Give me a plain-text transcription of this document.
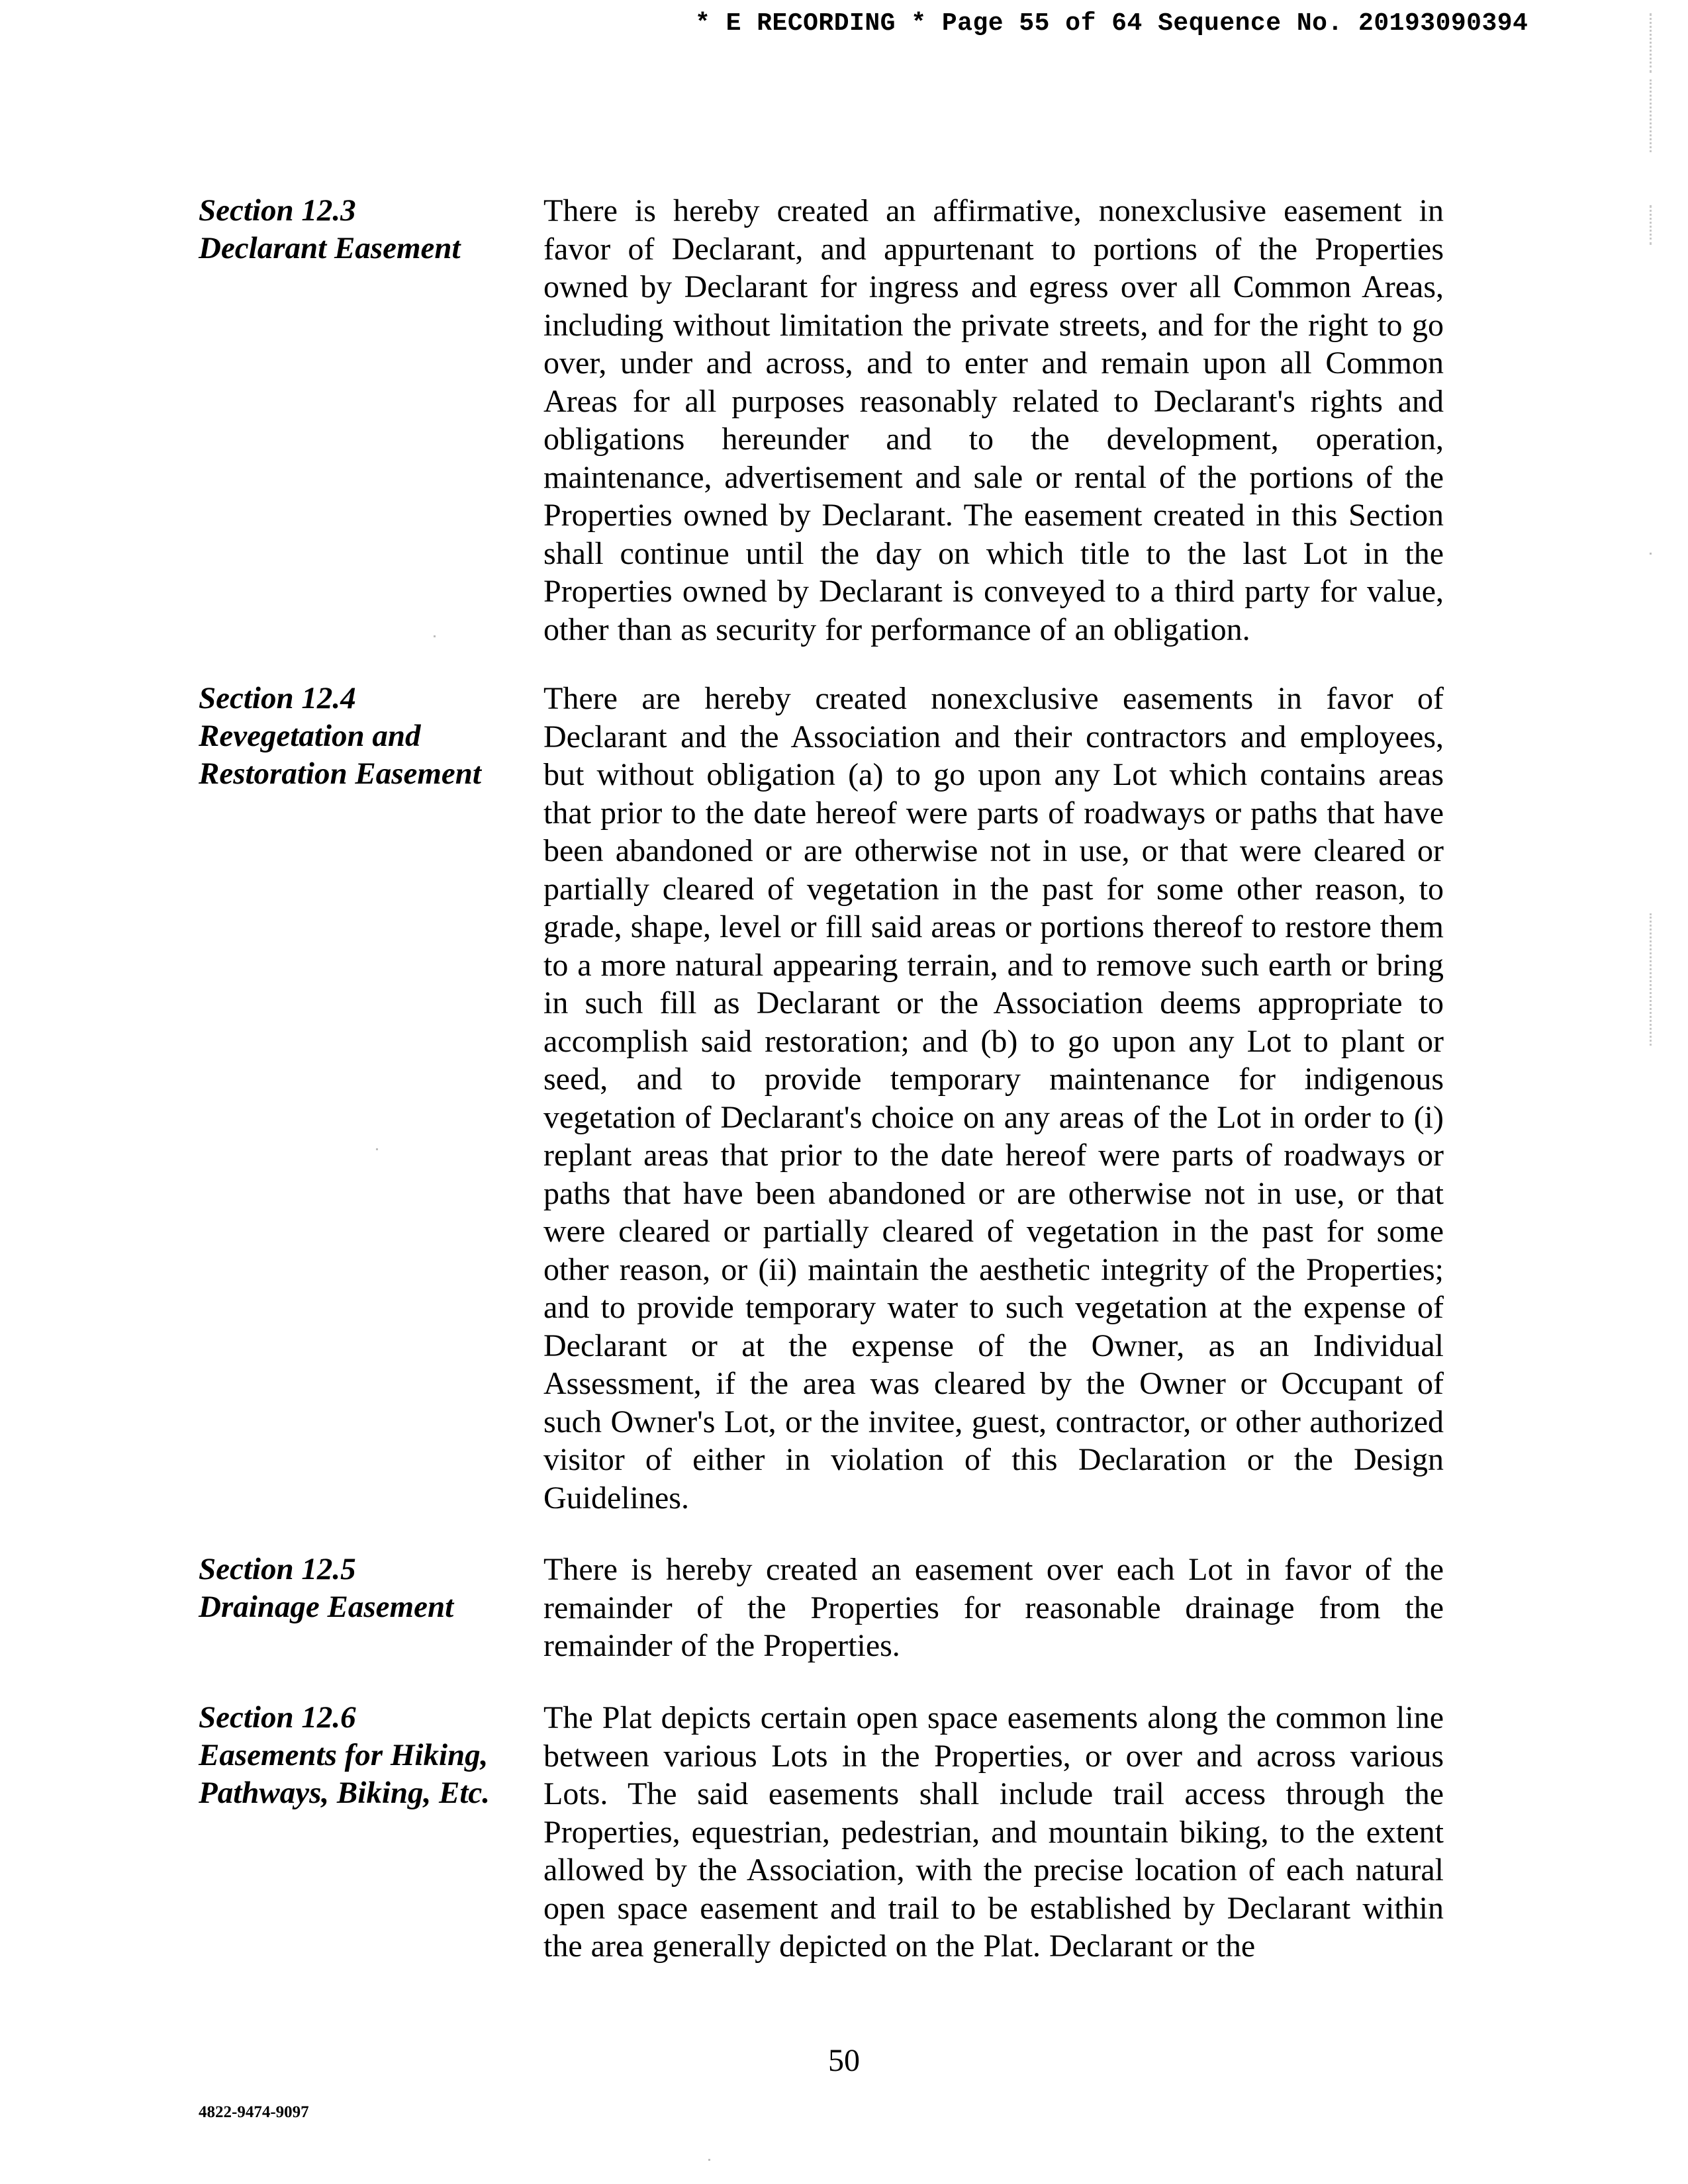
* E RECORDING * Page 55 of 64 Sequence No. 20193090394
Section 12.3
Declarant Easement
There is hereby created an affirmative, nonexclusive easement in favor of Declarant, and appurtenant to portions of the Properties owned by Declarant for ingress and egress over all Common Areas, including without limitation the private streets, and for the right to go over, under and across, and to enter and remain upon all Common Areas for all purposes reasonably related to Declarant's rights and obligations hereunder and to the development, operation, maintenance, advertisement and sale or rental of the portions of the Properties owned by Declarant. The easement created in this Section shall continue until the day on which title to the last Lot in the Properties owned by Declarant is conveyed to a third party for value, other than as security for performance of an obligation.
Section 12.4
Revegetation and
Restoration Easement
There are hereby created nonexclusive easements in favor of Declarant and the Association and their contractors and employees, but without obligation (a) to go upon any Lot which contains areas that prior to the date hereof were parts of roadways or paths that have been abandoned or are otherwise not in use, or that were cleared or partially cleared of vegetation in the past for some other reason, to grade, shape, level or fill said areas or portions thereof to restore them to a more natural appearing terrain, and to remove such earth or bring in such fill as Declarant or the Association deems appropriate to accomplish said restoration; and (b) to go upon any Lot to plant or seed, and to provide temporary maintenance for indigenous vegetation of Declarant's choice on any areas of the Lot in order to (i) replant areas that prior to the date hereof were parts of roadways or paths that have been abandoned or are otherwise not in use, or that were cleared or partially cleared of vegetation in the past for some other reason, or (ii) maintain the aesthetic integrity of the Properties; and to provide temporary water to such vegetation at the expense of Declarant or at the expense of the Owner, as an Individual Assessment, if the area was cleared by the Owner or Occupant of such Owner's Lot, or the invitee, guest, contractor, or other authorized visitor of either in violation of this Declaration or the Design Guidelines.
Section 12.5
Drainage Easement
There is hereby created an easement over each Lot in favor of the remainder of the Properties for reasonable drainage from the remainder of the Properties.
Section 12.6
Easements for Hiking,
Pathways, Biking, Etc.
The Plat depicts certain open space easements along the common line between various Lots in the Properties, or over and across various Lots. The said easements shall include trail access through the Properties, equestrian, pedestrian, and mountain biking, to the extent allowed by the Association, with the precise location of each natural open space easement and trail to be established by Declarant within the area generally depicted on the Plat. Declarant or the
50
4822-9474-9097
